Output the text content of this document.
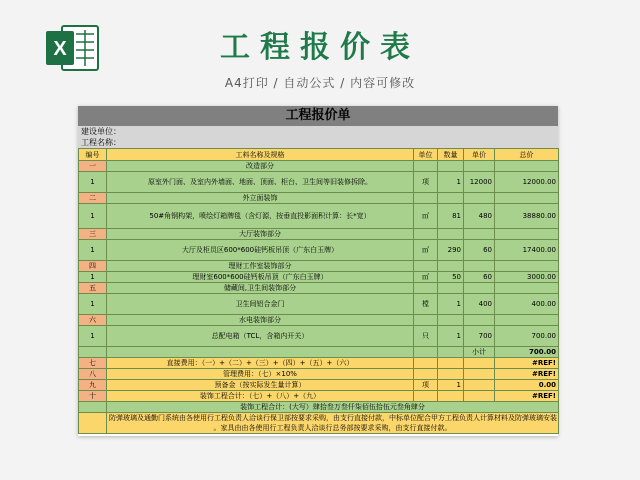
X	工程报价表
A4打印 / 自动公式 / 内容可修改
工程报价单
建设单位：
工程名称：
编号	工料名称及规格	单位	数量	单价	总价
一	改造部分				
1	原室外门面、及室内外墙面、地面、顶面、柜台、卫生间等旧装修拆除。	项	1	12000	12000.00
二	外立面装饰				
1	50#角钢构架，喷绘灯箱牌毯（含灯源，按垂直投影面积计算：长*宽）	㎡	81	480	38880.00
三	大厅装饰部分				
1	大厅及柜员区600*600硅钙板吊顶（广东白玉牌）	㎡	290	60	17400.00
四	理财工作室装饰部分				
1	理财室600*600硅钙板吊顶（广东白玉牌）	㎡	50	60	3000.00
五	储藏间,卫生间装饰部分				
1	卫生间铝合金门	樘	1	400	400.00
六	水电装饰部分				
1	总配电箱（TCL，含箱内开关）	只	1	700	700.00
				小计	700.00
七	直接费用：（一）+（二）+（三）+（四）+（五）+（六）				#REF!
八	管理费用：（七）×10%				#REF!
九	预备金（按实际发生量计算）	项	1		0.00
十	装饰工程合计：（七）+（八）+（九）				#REF!
	装饰工程合计：(大写）肆拾叁万叁仟柒佰伍拾伍元叁角肆分				

	防弹玻璃及通勤门系统由各使用行工程负责人洽谈行保卫部按要求采购，由支行直接付款，中标单位配合甲方工程负责人计算材料及防弹玻璃安装
。家具由由各使用行工程负责人洽谈行总务部按要求采购，由支行直接付款。				
